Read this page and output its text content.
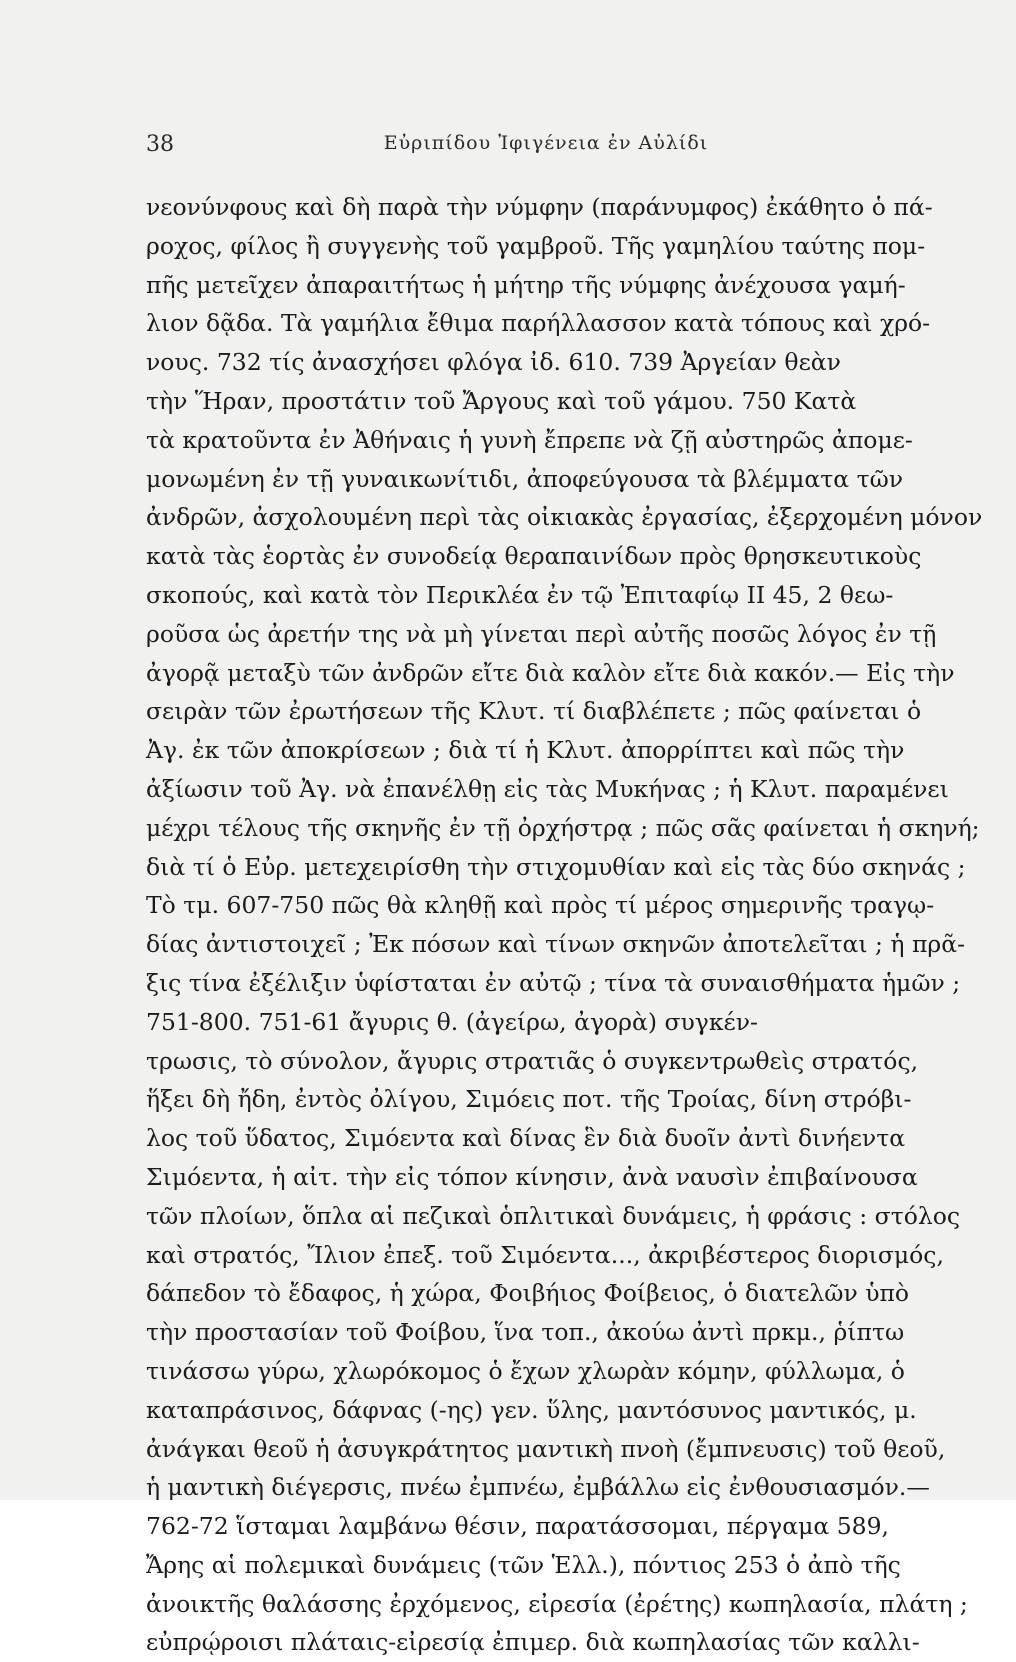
38	Εὐριπίδου Ἰφιγένεια ἐν Αὐλίδι
νεονύνφους καὶ δὴ παρὰ τὴν νύμφην (παράνυμφος) ἐκάθητο ὁ πά-
ροχος, φίλος ἢ συγγενὴς τοῦ γαμβροῦ. Τῆς γαμηλίου ταύτης πομ-
πῆς μετεῖχεν ἀπαραιτήτως ἡ μήτηρ τῆς νύμφης ἀνέχουσα γαμή-
λιον δᾷδα. Τὰ γαμήλια ἔθιμα παρήλλασσον κατὰ τόπους καὶ χρό-
νους. 732 τίς ἀνασχήσει φλόγα ἰδ. 610. 739 Ἀργείαν θεὰν
τὴν Ἥραν, προστάτιν τοῦ Ἄργους καὶ τοῦ γάμου. 750 Κατὰ
τὰ κρατοῦντα ἐν Ἀθήναις ἡ γυνὴ ἔπρεπε νὰ ζῇ αὐστηρῶς ἀπομε-
μονωμένη ἐν τῇ γυναικωνίτιδι, ἀποφεύγουσα τὰ βλέμματα τῶν
ἀνδρῶν, ἀσχολουμένη περὶ τὰς οἰκιακὰς ἐργασίας, ἐξερχομένη μόνον
κατὰ τὰς ἑορτὰς ἐν συνοδείᾳ θεραπαινίδων πρὸς θρησκευτικοὺς
σκοπούς, καὶ κατὰ τὸν Περικλέα ἐν τῷ Ἐπιταφίῳ II 45, 2 θεω-
ροῦσα ὡς ἀρετήν της νὰ μὴ γίνεται περὶ αὐτῆς ποσῶς λόγος ἐν τῇ
ἀγορᾷ μεταξὺ τῶν ἀνδρῶν εἴτε διὰ καλὸν εἴτε διὰ κακόν.— Εἰς τὴν
σειρὰν τῶν ἐρωτήσεων τῆς Κλυτ. τί διαβλέπετε ; πῶς φαίνεται ὁ
Ἀγ. ἐκ τῶν ἀποκρίσεων ; διὰ τί ἡ Κλυτ. ἀπορρίπτει καὶ πῶς τὴν
ἀξίωσιν τοῦ Ἀγ. νὰ ἐπανέλθῃ εἰς τὰς Μυκήνας ; ἡ Κλυτ. παραμένει
μέχρι τέλους τῆς σκηνῆς ἐν τῇ ὀρχήστρᾳ ; πῶς σᾶς φαίνεται ἡ σκηνή;
διὰ τί ὁ Εὐρ. μετεχειρίσθη τὴν στιχομυθίαν καὶ εἰς τὰς δύο σκηνάς ;
Τὸ τμ. 607-750 πῶς θὰ κληθῇ καὶ πρὸς τί μέρος σημερινῆς τραγῳ-
δίας ἀντιστοιχεῖ ; Ἐκ πόσων καὶ τίνων σκηνῶν ἀποτελεῖται ; ἡ πρᾶ-
ξις τίνα ἐξέλιξιν ὑφίσταται ἐν αὐτῷ ; τίνα τὰ συναισθήματα ἡμῶν ;
751-800. 751-61 ἄγυρις θ. (ἀγείρω, ἀγορὰ) συγκέν-
τρωσις, τὸ σύνολον, ἄγυρις στρατιᾶς ὁ συγκεντρωθεὶς στρατός,
ἥξει δὴ ἤδη, ἐντὸς ὀλίγου, Σιμόεις ποτ. τῆς Τροίας, δίνη στρόβι-
λος τοῦ ὕδατος, Σιμόεντα καὶ δίνας ἓν διὰ δυοῖν ἀντὶ δινήεντα
Σιμόεντα, ἡ αἰτ. τὴν εἰς τόπον κίνησιν, ἀνὰ ναυσὶν ἐπιβαίνουσα
τῶν πλοίων, ὅπλα αἱ πεζικαὶ ὁπλιτικαὶ δυνάμεις, ἡ φράσις : στόλος
καὶ στρατός, Ἴλιον ἐπεξ. τοῦ Σιμόεντα..., ἀκριβέστερος διορισμός,
δάπεδον τὸ ἔδαφος, ἡ χώρα, Φοιβήιος Φοίβειος, ὁ διατελῶν ὑπὸ
τὴν προστασίαν τοῦ Φοίβου, ἵνα τοπ., ἀκούω ἀντὶ πρκμ., ῥίπτω
τινάσσω γύρω, χλωρόκομος ὁ ἔχων χλωρὰν κόμην, φύλλωμα, ὁ
καταπράσινος, δάφνας (-ης) γεν. ὕλης, μαντόσυνος μαντικός, μ.
ἀνάγκαι θεοῦ ἡ ἀσυγκράτητος μαντικὴ πνοὴ (ἔμπνευσις) τοῦ θεοῦ,
ἡ μαντικὴ διέγερσις, πνέω ἐμπνέω, ἐμβάλλω εἰς ἐνθουσιασμόν.—
762-72 ἵσταμαι λαμβάνω θέσιν, παρατάσσομαι, πέργαμα 589,
Ἄρης αἱ πολεμικαὶ δυνάμεις (τῶν Ἑλλ.), πόντιος 253 ὁ ἀπὸ τῆς
ἀνοικτῆς θαλάσσης ἐρχόμενος, εἰρεσία (ἐρέτης) κωπηλασία, πλάτη ;
εὐπρῴροισι πλάταις-εἰρεσίᾳ ἐπιμερ. διὰ κωπηλασίας τῶν καλλι-
